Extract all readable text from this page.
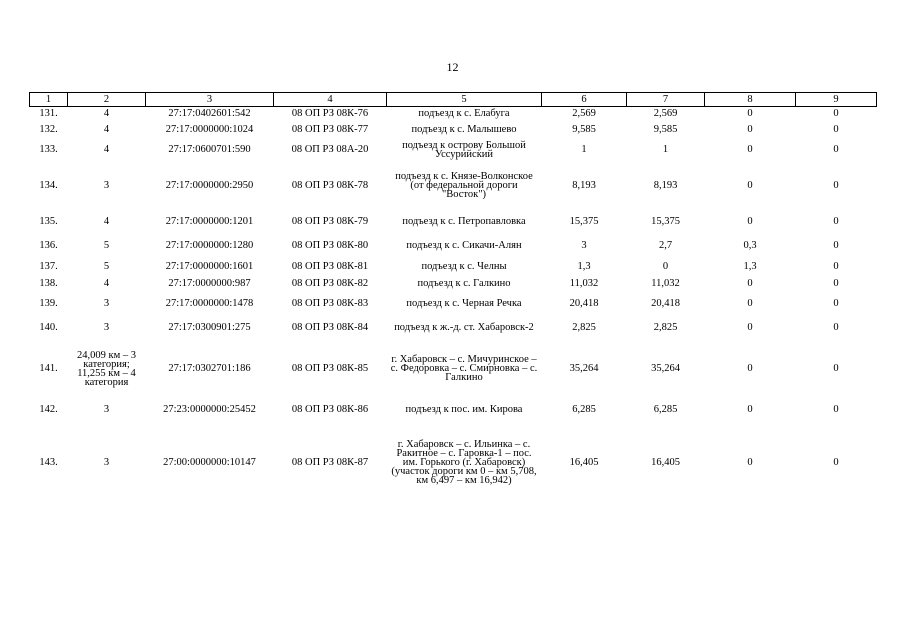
12
1	2	3	4	5	6	7	8	9
131.	4	27:17:0402601:542	08 ОП РЗ 08К-76	подъезд к с. Елабуга	2,569	2,569	0	0
132.	4	27:17:0000000:1024	08 ОП РЗ 08К-77	подъезд к с. Малышево	9,585	9,585	0	0
133.	4	27:17:0600701:590	08 ОП РЗ 08А-20	подъезд к острову Большой Уссурийский	1	1	0	0
134.	3	27:17:0000000:2950	08 ОП РЗ 08К-78	подъезд к с. Князе-Волконское (от федеральной дороги "Восток")	8,193	8,193	0	0
135.	4	27:17:0000000:1201	08 ОП РЗ 08К-79	подъезд к с. Петропавловка	15,375	15,375	0	0
136.	5	27:17:0000000:1280	08 ОП РЗ 08К-80	подъезд к с. Сикачи-Алян	3	2,7	0,3	0
137.	5	27:17:0000000:1601	08 ОП РЗ 08К-81	подъезд к с. Челны	1,3	0	1,3	0
138.	4	27:17:0000000:987	08 ОП РЗ 08К-82	подъезд к с. Галкино	11,032	11,032	0	0
139.	3	27:17:0000000:1478	08 ОП РЗ 08К-83	подъезд к с. Черная Речка	20,418	20,418	0	0
140.	3	27:17:0300901:275	08 ОП РЗ 08К-84	подъезд к ж.-д. ст. Хабаровск-2	2,825	2,825	0	0
141.	24,009 км – 3 категория; 11,255 км – 4 категория	27:17:0302701:186	08 ОП РЗ 08К-85	г. Хабаровск – с. Мичуринское – с. Федоровка – с. Смирновка – с. Галкино	35,264	35,264	0	0
142.	3	27:23:0000000:25452	08 ОП РЗ 08К-86	подъезд к пос. им. Кирова	6,285	6,285	0	0
143.	3	27:00:0000000:10147	08 ОП РЗ 08К-87	г. Хабаровск – с. Ильинка – с. Ракитное – с. Гаровка-1 – пос. им. Горького (г. Хабаровск) (участок дороги км 0 – км 5,708, км 6,497 – км 16,942)	16,405	16,405	0	0
